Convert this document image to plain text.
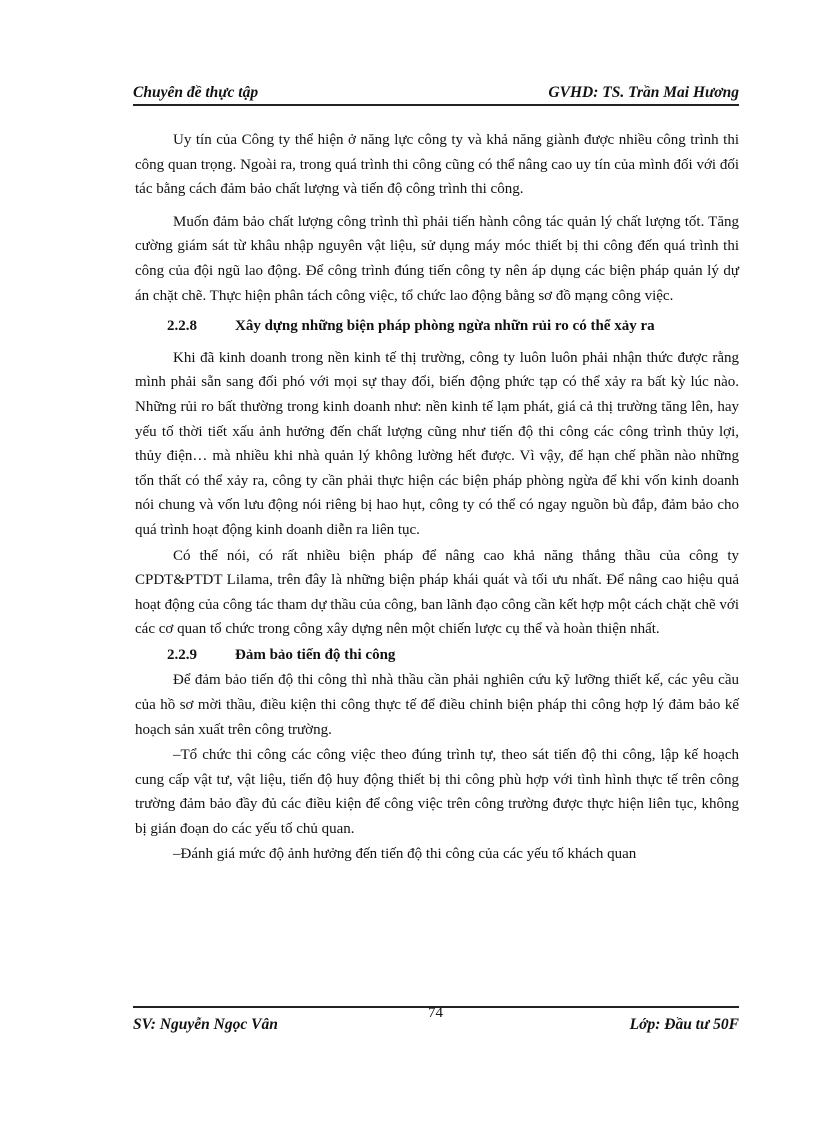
Chuyên đề thực tập	GVHD: TS. Trần Mai Hương

Uy tín của Công ty thể hiện ở năng lực công ty và khả năng giành được nhiều công trình thi công quan trọng. Ngoài ra, trong quá trình thi công cũng có thể nâng cao uy tín của mình đối với đối tác bằng cách đảm bảo chất lượng và tiến độ công trình thi công.

Muốn đảm bảo chất lượng công trình thì phải tiến hành công tác quản lý chất lượng tốt. Tăng cường giám sát từ khâu nhập nguyên vật liệu, sử dụng máy móc thiết bị thi công đến quá trình thi công của đội ngũ lao động. Để công trình đúng tiến công ty nên áp dụng các biện pháp quản lý dự án chặt chẽ. Thực hiện phân tách công việc, tổ chức lao động bằng sơ đồ mạng công việc.

2.2.8	Xây dựng những biện pháp phòng ngừa nhữn rủi ro có thể xảy ra

Khi đã kinh doanh trong nền kinh tế thị trường, công ty luôn luôn phải nhận thức được rằng mình phải sẵn sang đối phó với mọi sự thay đổi, biến động phức tạp có thể xảy ra bất kỳ lúc nào. Những rủi ro bất thường trong kinh doanh như: nền kinh tế lạm phát, giá cả thị trường tăng lên, hay yếu tố thời tiết xấu ảnh hưởng đến chất lượng cũng như tiến độ thi công các công trình thủy lợi, thủy điện… mà nhiều khi nhà quản lý không lường hết được. Vì vậy, để hạn chế phần nào những tổn thất có thể xảy ra, công ty cần phải thực hiện các biện pháp phòng ngừa để khi vốn kinh doanh nói chung và vốn lưu động nói riêng bị hao hụt, công ty có thể có ngay nguồn bù đắp, đảm bảo cho quá trình hoạt động kinh doanh diễn ra liên tục.

Có thể nói, có rất nhiều biện pháp để nâng cao khả năng thắng thầu của công ty CPDT&PTDT Lilama, trên đây là những biện pháp khái quát và tối ưu nhất. Để nâng cao hiệu quả hoạt động của công tác tham dự thầu của công, ban lãnh đạo công cần kết hợp một cách chặt chẽ với các cơ quan tổ chức trong công xây dựng nên một chiến lược cụ thể và hoàn thiện nhất.

2.2.9	Đảm bảo tiến độ thi công

Để đảm bảo tiến độ thi công thì nhà thầu cần phải nghiên cứu kỹ lưỡng thiết kế, các yêu cầu của hồ sơ mời thầu, điều kiện thi công thực tế để điều chỉnh biện pháp thi công hợp lý đảm bảo kế hoạch sản xuất trên công trường.

–Tổ chức thi công các công việc theo đúng trình tự, theo sát tiến độ thi công, lập kế hoạch cung cấp vật tư, vật liệu, tiến độ huy động thiết bị thi công phù hợp với tình hình thực tế trên công trường đảm bảo đầy đủ các điều kiện để công việc trên công trường được thực hiện liên tục, không bị gián đoạn do các yếu tố chủ quan.

–Đánh giá mức độ ảnh hưởng đến tiến độ thi công của các yếu tố khách quan

SV: Nguyễn Ngọc Vân
74
Lớp: Đầu tư 50F
